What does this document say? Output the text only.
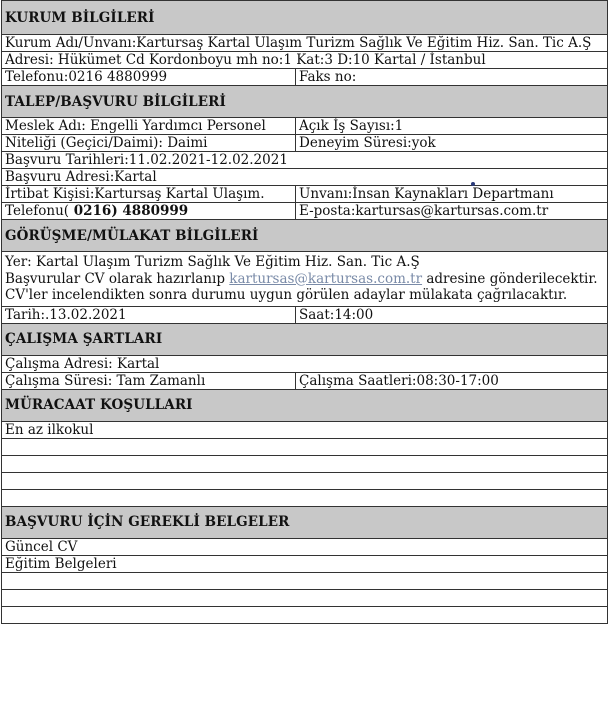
KURUM BİLGİLERİ	
Kurum Adı/Unvanı:Kartursaş Kartal Ulaşım Turizm Sağlık Ve Eğitim Hiz. San. Tic A.Ş	
Adresi: Hükümet Cd Kordonboyu mh no:1 Kat:3 D:10 Kartal / İstanbul	
Telefonu:0216 4880999	Faks no:
TALEP/BAŞVURU BİLGİLERİ	
Meslek Adı: Engelli Yardımcı Personel	Açık İş Sayısı:1
Niteliği (Geçici/Daimi): Daimi	Deneyim Süresi:yok
Başvuru Tarihleri:11.02.2021-12.02.2021	
Başvuru Adresi:Kartal	
İrtibat Kişisi:Kartursaş Kartal Ulaşım.	Unvanı:İnsan Kaynakları Departmanı
Telefonu( 0216) 4880999	E-posta:kartursas@kartursas.com.tr
GÖRÜŞME/MÜLAKAT BİLGİLERİ	

Yer: Kartal Ulaşım Turizm Sağlık Ve Eğitim Hiz. San. Tic A.Ş
Başvurular CV olarak hazırlanıp kartursas@kartursas.com.tr adresine gönderilecektir.
CV'ler incelendikten sonra durumu uygun görülen adaylar mülakata çağrılacaktır.	

Tarih:.13.02.2021	Saat:14:00
ÇALIŞMA ŞARTLARI	
Çalışma Adresi: Kartal	
Çalışma Süresi: Tam Zamanlı	Çalışma Saatleri:08:30-17:00
MÜRACAAT KOŞULLARI	
En az ilkokul	

BAŞVURU İÇİN GEREKLİ BELGELER	
Güncel CV	
Eğitim Belgeleri	
